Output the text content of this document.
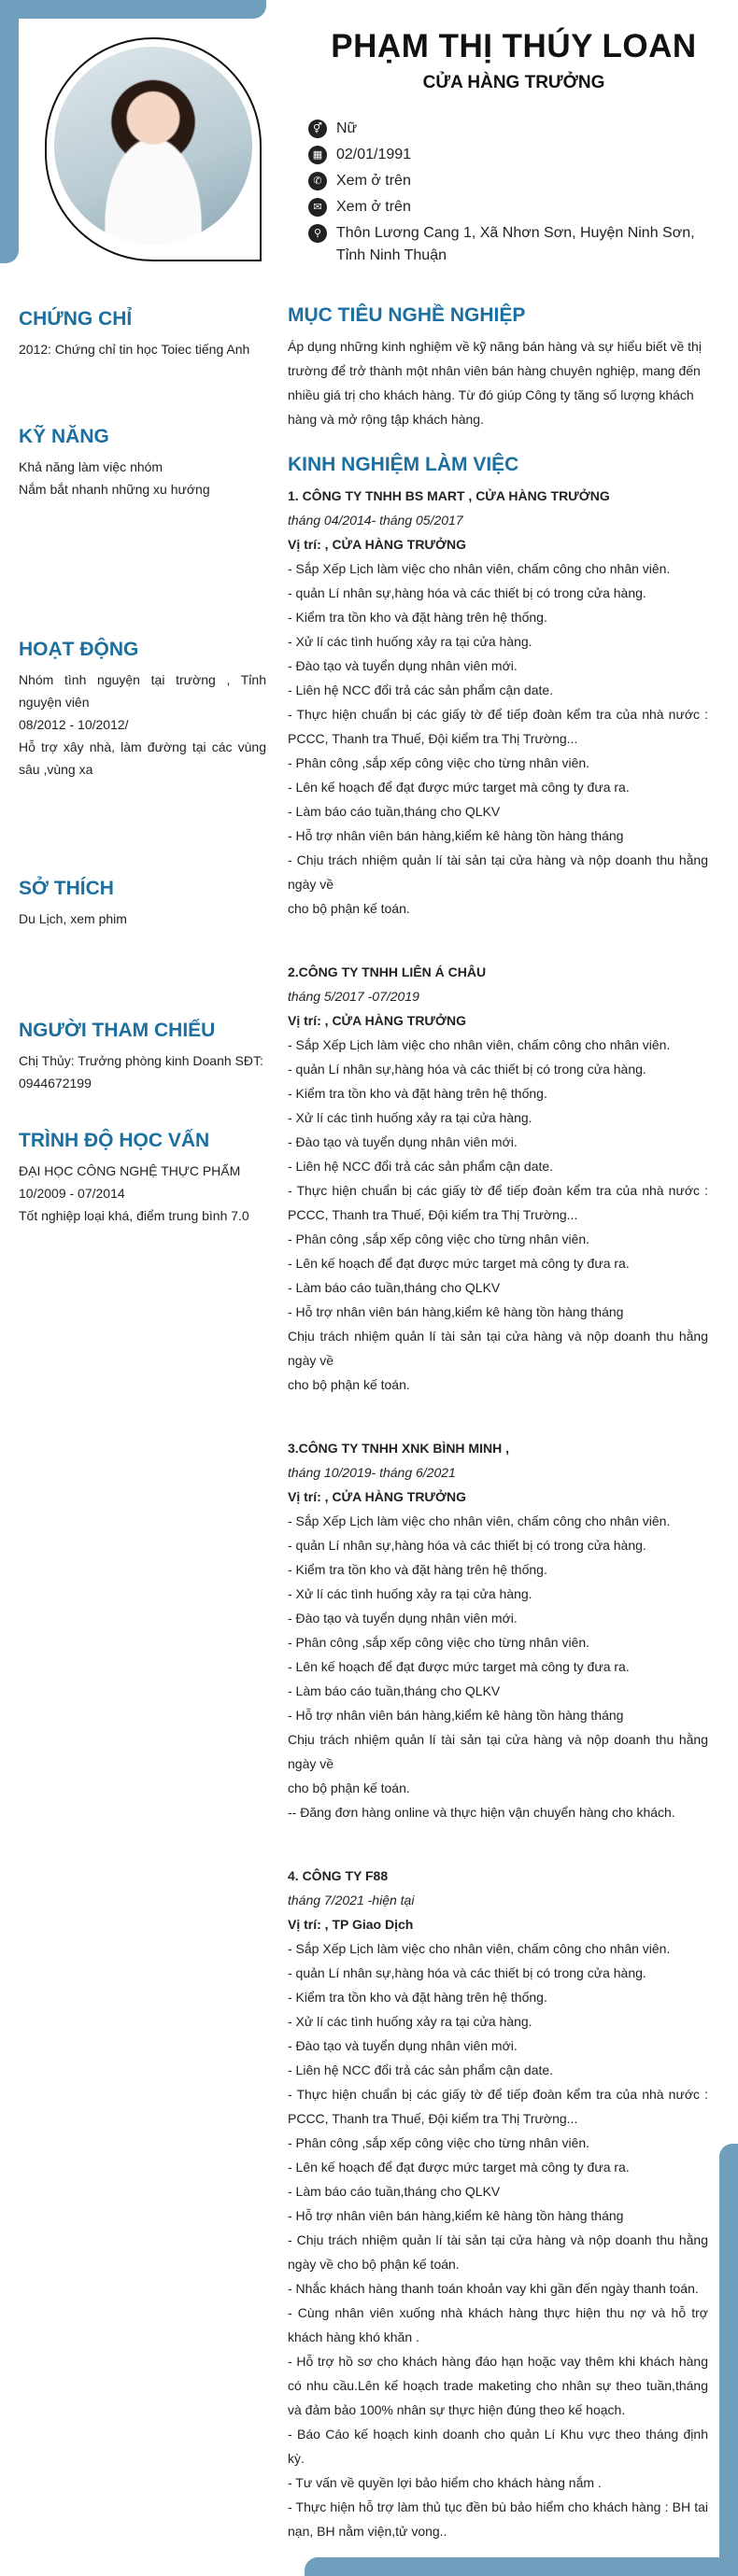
PHẠM THỊ THÚY LOAN
CỬA HÀNG TRƯỞNG
⚥ Nữ
▦ 02/01/1991
✆ Xem ở trên
✉ Xem ở trên
⚲ Thôn Lương Cang 1, Xã Nhơn Sơn, Huyện Ninh Sơn, Tỉnh Ninh Thuận
CHỨNG CHỈ

2012: Chứng chỉ tin học Toiec tiếng Anh

KỸ NĂNG

Khả năng làm việc nhóm

Nắm bắt nhanh những xu hướng

HOẠT ĐỘNG

Nhóm tình nguyện tại trường , Tỉnh nguyện viên

08/2012 - 10/2012/

Hỗ trợ xây nhà, làm đường tại các vùng sâu ,vùng xa

SỞ THÍCH

Du Lịch, xem phim

NGƯỜI THAM CHIẾU

Chị Thủy: Trưởng phòng kinh Doanh SĐT: 0944672199

TRÌNH ĐỘ HỌC VẤN

ĐẠI HỌC CÔNG NGHỆ THỰC PHẨM

10/2009 - 07/2014

Tốt nghiệp loại khá, điểm trung bình 7.0

MỤC TIÊU NGHỀ NGHIỆP

Áp dụng những kinh nghiệm về kỹ năng bán hàng và sự hiểu biết về thị trường để trở thành một nhân viên bán hàng chuyên nghiệp, mang đến nhiều giá trị cho khách hàng. Từ đó giúp Công ty tăng số lượng khách hàng và mở rộng tập khách hàng.

KINH NGHIỆM LÀM VIỆC

1. CÔNG TY TNHH BS MART , CỬA HÀNG TRƯỞNG

tháng 04/2014- tháng 05/2017

Vị trí: , CỬA HÀNG TRƯỞNG

- Sắp Xếp Lịch làm việc cho nhân viên, chấm công cho nhân viên.

- quản Lí nhân sự,hàng hóa và các thiết bị có trong cửa hàng.

- Kiểm tra tồn kho và đặt hàng trên hệ thống.

- Xử lí các tình huống xảy ra tại cửa hàng.

- Đào tạo và tuyển dụng nhân viên mới.

- Liên hệ NCC đổi trả các sản phẩm cận date.

- Thực hiện chuẩn bị các giấy tờ để tiếp đoàn kểm tra của nhà nước : PCCC, Thanh tra Thuế, Đội kiểm tra Thị Trường...

- Phân công ,sắp xếp công việc cho từng nhân viên.

- Lên kế hoạch để đạt được mức target mà công ty đưa ra.

- Làm báo cáo tuần,tháng cho QLKV

- Hỗ trợ nhân viên bán hàng,kiểm kê hàng tồn hàng tháng

- Chịu trách nhiệm quản lí tài sản tại cửa hàng và nộp doanh thu hằng ngày về

cho bộ phận kế toán.

2.CÔNG TY TNHH LIÊN Á CHÂU

tháng 5/2017 -07/2019

Vị trí: , CỬA HÀNG TRƯỞNG

- Sắp Xếp Lịch làm việc cho nhân viên, chấm công cho nhân viên.

- quản Lí nhân sự,hàng hóa và các thiết bị có trong cửa hàng.

- Kiểm tra tồn kho và đặt hàng trên hệ thống.

- Xử lí các tình huống xảy ra tại cửa hàng.

- Đào tạo và tuyển dụng nhân viên mới.

- Liên hệ NCC đổi trả các sản phẩm cận date.

- Thực hiện chuẩn bị các giấy tờ để tiếp đoàn kểm tra của nhà nước : PCCC, Thanh tra Thuế, Đội kiểm tra Thị Trường...

- Phân công ,sắp xếp công việc cho từng nhân viên.

- Lên kế hoạch để đạt được mức target mà công ty đưa ra.

- Làm báo cáo tuần,tháng cho QLKV

- Hỗ trợ nhân viên bán hàng,kiểm kê hàng tồn hàng tháng

Chịu trách nhiệm quản lí tài sản tại cửa hàng và nộp doanh thu hằng ngày về

cho bộ phận kế toán.

3.CÔNG TY TNHH XNK BÌNH MINH ,

tháng 10/2019- tháng 6/2021

Vị trí: , CỬA HÀNG TRƯỞNG

- Sắp Xếp Lịch làm việc cho nhân viên, chấm công cho nhân viên.

- quản Lí nhân sự,hàng hóa và các thiết bị có trong cửa hàng.

- Kiểm tra tồn kho và đặt hàng trên hệ thống.

- Xử lí các tình huống xảy ra tại cửa hàng.

- Đào tạo và tuyển dụng nhân viên mới.

- Phân công ,sắp xếp công việc cho từng nhân viên.

- Lên kế hoạch để đạt được mức target mà công ty đưa ra.

- Làm báo cáo tuần,tháng cho QLKV

- Hỗ trợ nhân viên bán hàng,kiểm kê hàng tồn hàng tháng

Chịu trách nhiệm quản lí tài sản tại cửa hàng và nộp doanh thu hằng ngày về

cho bộ phận kế toán.

-- Đăng đơn hàng online và thực hiện vận chuyển hàng cho khách.

4. CÔNG TY F88

tháng 7/2021 -hiện tại

Vị trí: , TP Giao Dịch

- Sắp Xếp Lịch làm việc cho nhân viên, chấm công cho nhân viên.

- quản Lí nhân sự,hàng hóa và các thiết bị có trong cửa hàng.

- Kiểm tra tồn kho và đặt hàng trên hệ thống.

- Xử lí các tình huống xảy ra tại cửa hàng.

- Đào tạo và tuyển dụng nhân viên mới.

- Liên hệ NCC đổi trả các sản phẩm cận date.

- Thực hiện chuẩn bị các giấy tờ để tiếp đoàn kểm tra của nhà nước : PCCC, Thanh tra Thuế, Đội kiểm tra Thị Trường...

- Phân công ,sắp xếp công việc cho từng nhân viên.

- Lên kế hoạch để đạt được mức target mà công ty đưa ra.

- Làm báo cáo tuần,tháng cho QLKV

- Hỗ trợ nhân viên bán hàng,kiểm kê hàng tồn hàng tháng

- Chịu trách nhiệm quản lí tài sản tại cửa hàng và nộp doanh thu hằng ngày về cho bộ phận kế toán.

- Nhắc khách hàng thanh toán khoản vay khi gần đến ngày thanh toán.

- Cùng nhân viên xuống nhà khách hàng thực hiện thu nợ và hỗ trợ khách hàng khó khăn .

- Hỗ trợ hồ sơ cho khách hàng đáo hạn hoặc vay thêm khi khách hàng có nhu cầu.Lên kế hoạch trade maketing cho nhân sự theo tuần,tháng và đảm bảo 100% nhân sự thực hiện đúng theo kế hoạch.

- Báo Cáo kế hoạch kinh doanh cho quản Lí Khu vực theo tháng định kỳ.

- Tư vấn về quyền lợi bảo hiểm cho khách hàng nắm .

- Thực hiện hỗ trợ làm thủ tục đền bù bảo hiểm cho khách hàng : BH tai nạn, BH nằm viện,tử vong..
